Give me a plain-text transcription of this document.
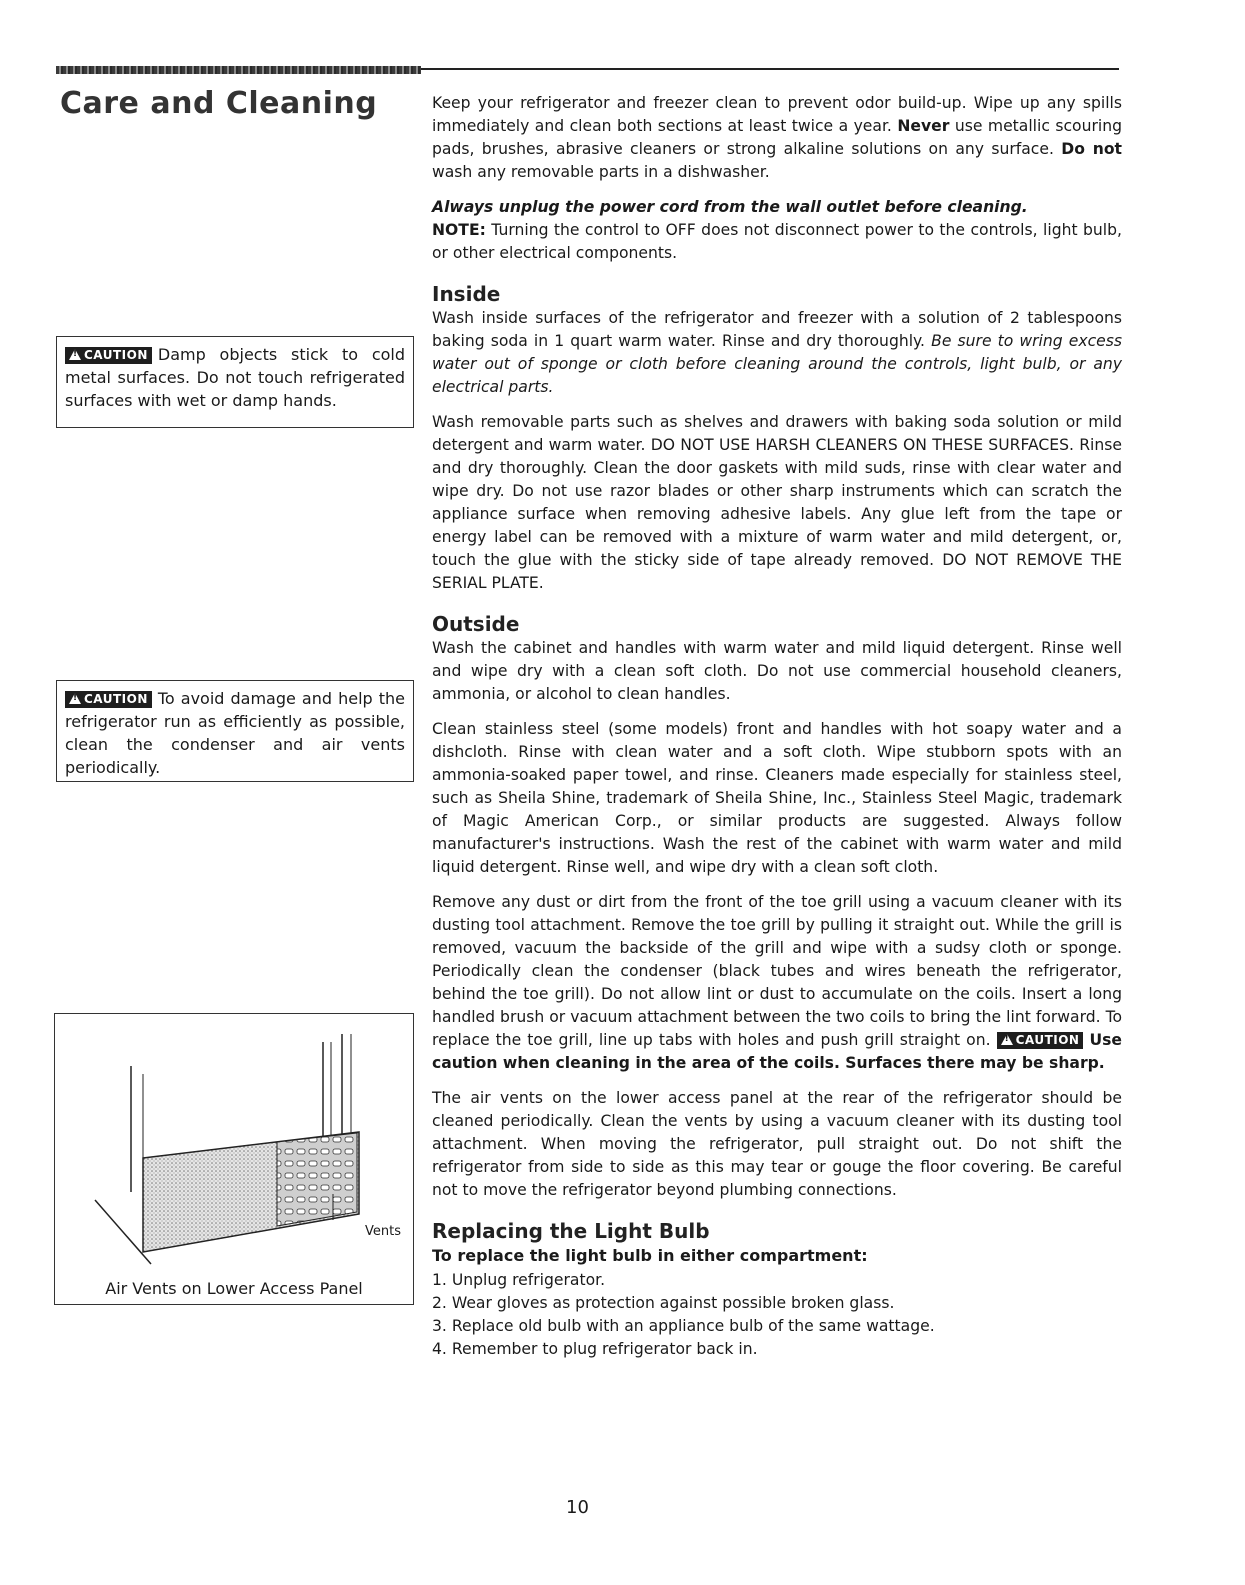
Care and Cleaning
!CAUTION Damp objects stick to cold metal surfaces. Do not touch refrigerated surfaces with wet or damp hands.
!CAUTION To avoid damage and help the refrigerator run as efficiently as possible, clean the condenser and air vents periodically.
Vents
Air Vents on Lower Access Panel

Keep your refrigerator and freezer clean to prevent odor build-up. Wipe up any spills immediately and clean both sections at least twice a year. Never use metallic scouring pads, brushes, abrasive cleaners or strong alkaline solutions on any surface. Do not wash any removable parts in a dishwasher.

Always unplug the power cord from the wall outlet before cleaning.
NOTE: Turning the control to OFF does not disconnect power to the controls, light bulb, or other electrical components.

Inside

Wash inside surfaces of the refrigerator and freezer with a solution of 2 tablespoons baking soda in 1 quart warm water. Rinse and dry thoroughly. Be sure to wring excess water out of sponge or cloth before cleaning around the controls, light bulb, or any electrical parts.

Wash removable parts such as shelves and drawers with baking soda solution or mild detergent and warm water. DO NOT USE HARSH CLEANERS ON THESE SURFACES. Rinse and dry thoroughly. Clean the door gaskets with mild suds, rinse with clear water and wipe dry. Do not use razor blades or other sharp instruments which can scratch the appliance surface when removing adhesive labels. Any glue left from the tape or energy label can be removed with a mixture of warm water and mild detergent, or, touch the glue with the sticky side of tape already removed. DO NOT REMOVE THE SERIAL PLATE.

Outside

Wash the cabinet and handles with warm water and mild liquid detergent. Rinse well and wipe dry with a clean soft cloth. Do not use commercial household cleaners, ammonia, or alcohol to clean handles.

Clean stainless steel (some models) front and handles with hot soapy water and a dishcloth. Rinse with clean water and a soft cloth. Wipe stubborn spots with an ammonia-soaked paper towel, and rinse. Cleaners made especially for stainless steel, such as Sheila Shine, trademark of Sheila Shine, Inc., Stainless Steel Magic, trademark of Magic American Corp., or similar products are suggested. Always follow manufacturer's instructions. Wash the rest of the cabinet with warm water and mild liquid detergent. Rinse well, and wipe dry with a clean soft cloth.

Remove any dust or dirt from the front of the toe grill using a vacuum cleaner with its dusting tool attachment. Remove the toe grill by pulling it straight out. While the grill is removed, vacuum the backside of the grill and wipe with a sudsy cloth or sponge. Periodically clean the condenser (black tubes and wires beneath the refrigerator, behind the toe grill). Do not allow lint or dust to accumulate on the coils. Insert a long handled brush or vacuum attachment between the two coils to bring the lint forward. To replace the toe grill, line up tabs with holes and push grill straight on. ! CAUTION Use caution when cleaning in the area of the coils. Surfaces there may be sharp.

The air vents on the lower access panel at the rear of the refrigerator should be cleaned periodically. Clean the vents by using a vacuum cleaner with its dusting tool attachment. When moving the refrigerator, pull straight out. Do not shift the refrigerator from side to side as this may tear or gouge the floor covering. Be careful not to move the refrigerator beyond plumbing connections.

Replacing the Light Bulb

To replace the light bulb in either compartment:

1. Unplug refrigerator.
2. Wear gloves as protection against possible broken glass.
3. Replace old bulb with an appliance bulb of the same wattage.
4. Remember to plug refrigerator back in.
10
